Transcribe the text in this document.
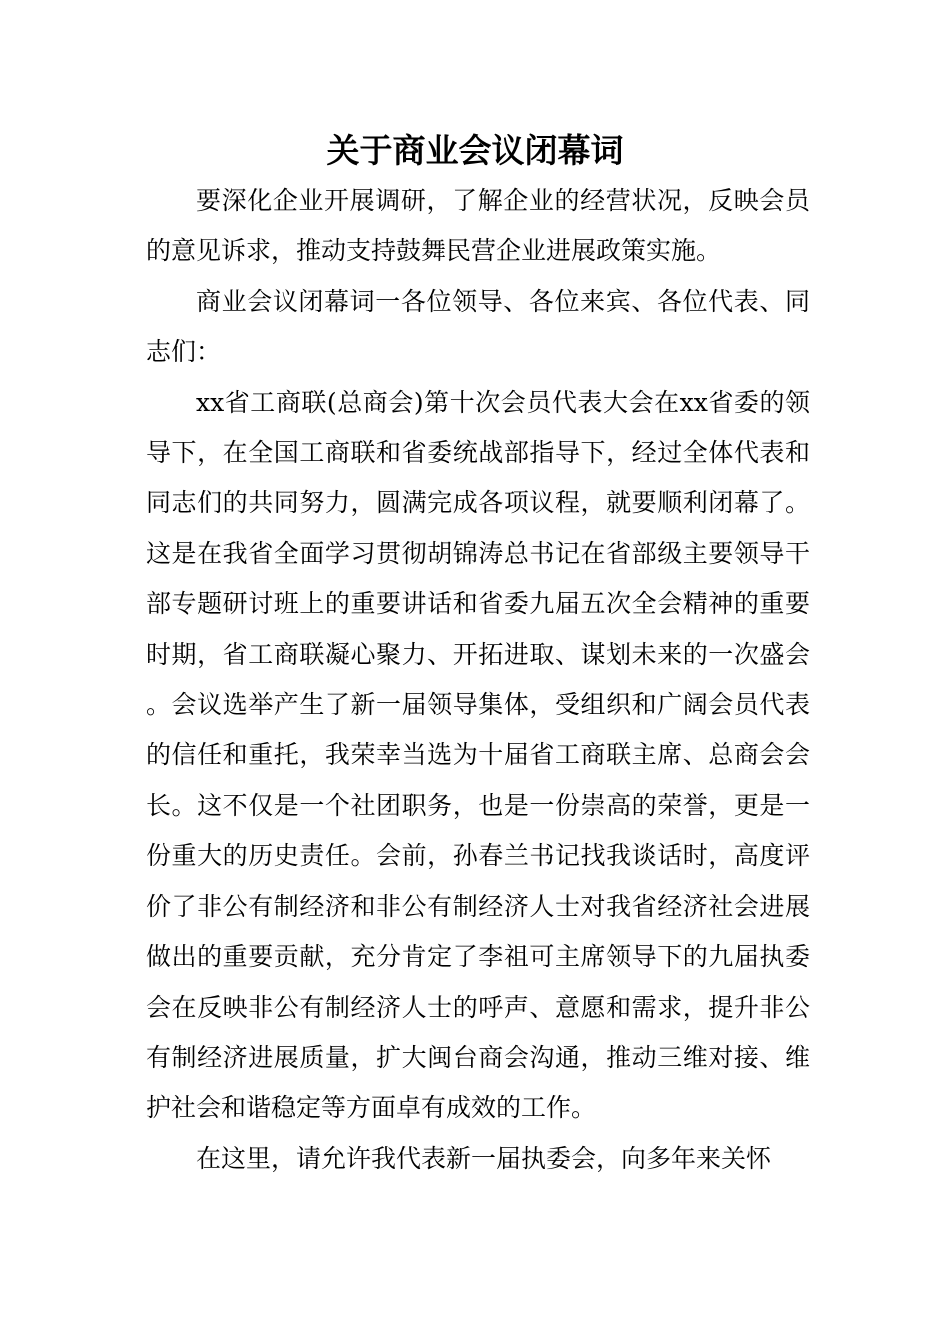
关于商业会议闭幕词

要深化企业开展调研，了解企业的经营状况，反映会员的意见诉求，推动支持鼓舞民营企业进展政策实施。

商业会议闭幕词一各位领导、各位来宾、各位代表、同志们：

xx省工商联(总商会)第十次会员代表大会在xx省委的领导下，在全国工商联和省委统战部指导下，经过全体代表和同志们的共同努力，圆满完成各项议程，就要顺利闭幕了。这是在我省全面学习贯彻胡锦涛总书记在省部级主要领导干部专题研讨班上的重要讲话和省委九届五次全会精神的重要时期，省工商联凝心聚力、开拓进取、谋划未来的一次盛会。会议选举产生了新一届领导集体，受组织和广阔会员代表的信任和重托，我荣幸当选为十届省工商联主席、总商会会长。这不仅是一个社团职务，也是一份崇高的荣誉，更是一份重大的历史责任。会前，孙春兰书记找我谈话时，高度评价了非公有制经济和非公有制经济人士对我省经济社会进展做出的重要贡献，充分肯定了李祖可主席领导下的九届执委会在反映非公有制经济人士的呼声、意愿和需求，提升非公有制经济进展质量，扩大闽台商会沟通，推动三维对接、维护社会和谐稳定等方面卓有成效的工作。

在这里，请允许我代表新一届执委会，向多年来关怀
